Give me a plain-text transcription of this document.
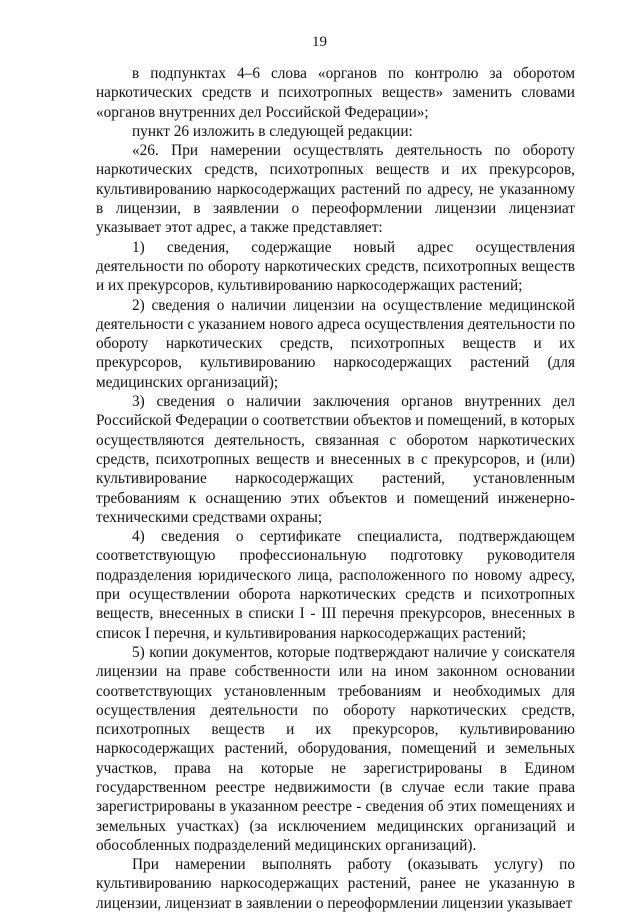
19

в подпунктах 4–6 слова «органов по контролю за оборотом наркотических средств и психотропных веществ» заменить словами «органов внутренних дел Российской Федерации»;

пункт 26 изложить в следующей редакции:

«26. При намерении осуществлять деятельность по обороту наркотических средств, психотропных веществ и их прекурсоров, культивированию наркосодержащих растений по адресу, не указанному в лицензии, в заявлении о переоформлении лицензии лицензиат указывает этот адрес, а также представляет:

1) сведения, содержащие новый адрес осуществления деятельности по обороту наркотических средств, психотропных веществ и их прекурсоров, культивированию наркосодержащих растений;

2) сведения о наличии лицензии на осуществление медицинской деятельности с указанием нового адреса осуществления деятельности по обороту наркотических средств, психотропных веществ и их прекурсоров, культивированию наркосодержащих растений (для медицинских организаций);

3) сведения о наличии заключения органов внутренних дел Российской Федерации о соответствии объектов и помещений, в которых осуществляются деятельность, связанная с оборотом наркотических средств, психотропных веществ и внесенных в с прекурсоров, и (или) культивирование наркосодержащих растений, установленным требованиям к оснащению этих объектов и помещений инженерно-техническими средствами охраны;

4) сведения о сертификате специалиста, подтверждающем соответствующую профессиональную подготовку руководителя подразделения юридического лица, расположенного по новому адресу, при осуществлении оборота наркотических средств и психотропных веществ, внесенных в списки I - III перечня прекурсоров, внесенных в список I перечня, и культивирования наркосодержащих растений;

5) копии документов, которые подтверждают наличие у соискателя лицензии на праве собственности или на ином законном основании соответствующих установленным требованиям и необходимых для осуществления деятельности по обороту наркотических средств, психотропных веществ и их прекурсоров, культивированию наркосодержащих растений, оборудования, помещений и земельных участков, права на которые не зарегистрированы в Едином государственном реестре недвижимости (в случае если такие права зарегистрированы в указанном реестре - сведения об этих помещениях и земельных участках) (за исключением медицинских организаций и обособленных подразделений медицинских организаций).

При намерении выполнять работу (оказывать услугу) по культивированию наркосодержащих растений, ранее не указанную в лицензии, лицензиат в заявлении о переоформлении лицензии указывает
